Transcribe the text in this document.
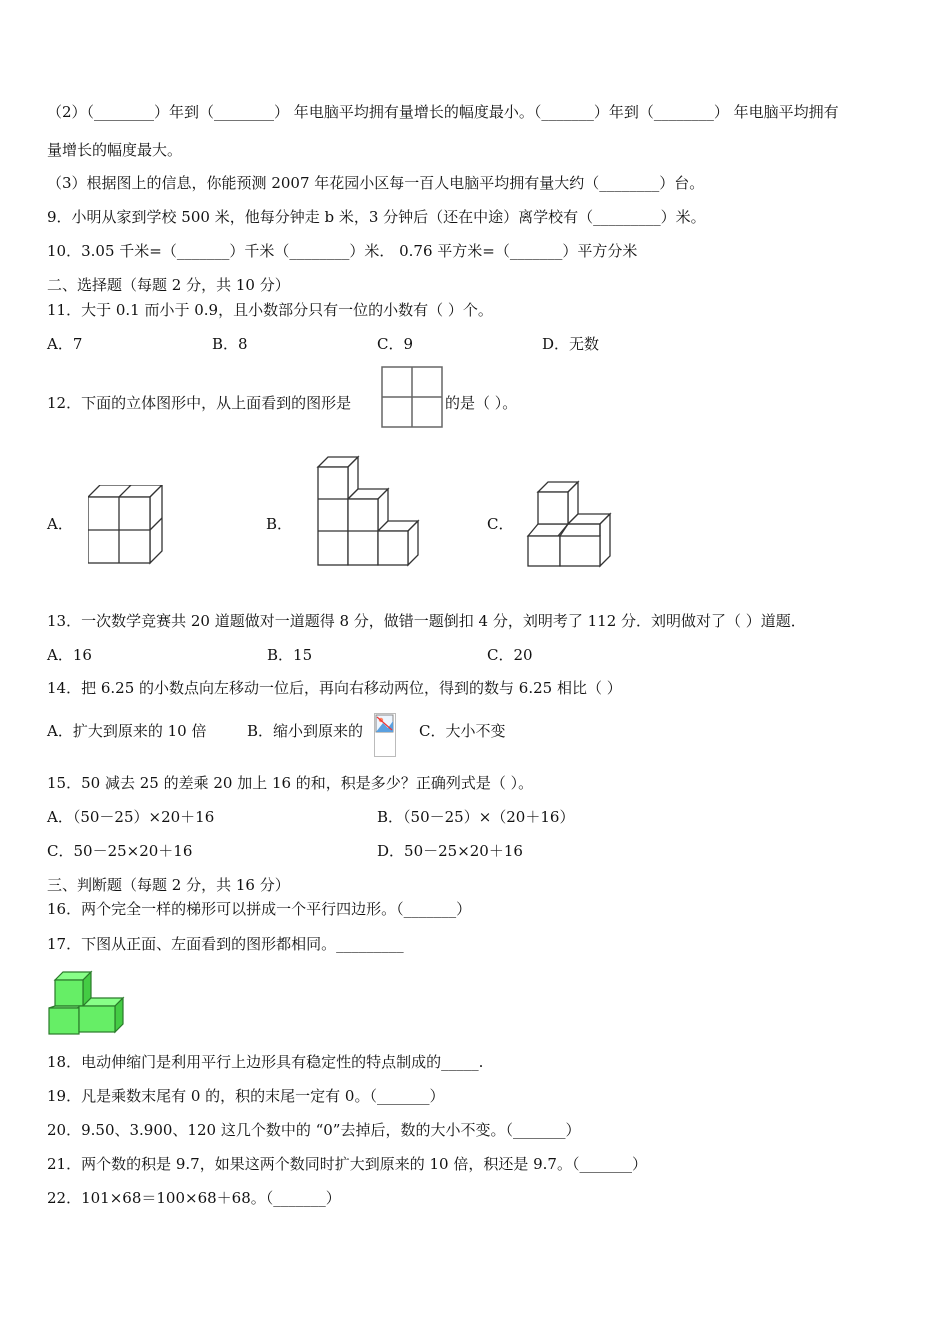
（2）（________）年到（________） 年电脑平均拥有量增长的幅度最小。（_______）年到（________） 年电脑平均拥有
量增长的幅度最大。
（3）根据图上的信息，你能预测 2007 年花园小区每一百人电脑平均拥有量大约（________）台。
9．小明从家到学校 500 米，他每分钟走 b 米，3 分钟后（还在中途）离学校有（_________）米。
10．3.05 千米=（_______）千米（________）米． 0.76 平方米=（_______）平方分米
二、选择题（每题 2 分，共 10 分）
11．大于 0.1 而小于 0.9，且小数部分只有一位的小数有（ ）个。
A．7	B．8	C．9	D．无数
12．下面的立体图形中，从上面看到的图形是	的是（ ）。
A．	B．	C．
13．一次数学竞赛共 20 道题做对一道题得 8 分，做错一题倒扣 4 分，刘明考了 112 分．刘明做对了（ ）道题．
A．16	B．15	C．20
14．把 6.25 的小数点向左移动一位后，再向右移动两位，得到的数与 6.25 相比（ ）
A．扩大到原来的 10 倍	B．缩小到原来的	C．大小不变
15．50 减去 25 的差乘 20 加上 16 的和，积是多少？正确列式是（ ）。
A．（50－25）×20＋16	B．（50－25）×（20＋16）
C．50－25×20＋16	D．50－25×20＋16
三、判断题（每题 2 分，共 16 分）
16．两个完全一样的梯形可以拼成一个平行四边形。（_______）
17．下图从正面、左面看到的图形都相同。_________
18．电动伸缩门是利用平行上边形具有稳定性的特点制成的_____.
19．凡是乘数末尾有 0 的，积的末尾一定有 0。（_______）
20．9.50、3.900、120 这几个数中的 “0”去掉后，数的大小不变。（_______）
21．两个数的积是 9.7，如果这两个数同时扩大到原来的 10 倍，积还是 9.7。（_______）
22．101×68＝100×68＋68。（_______）
